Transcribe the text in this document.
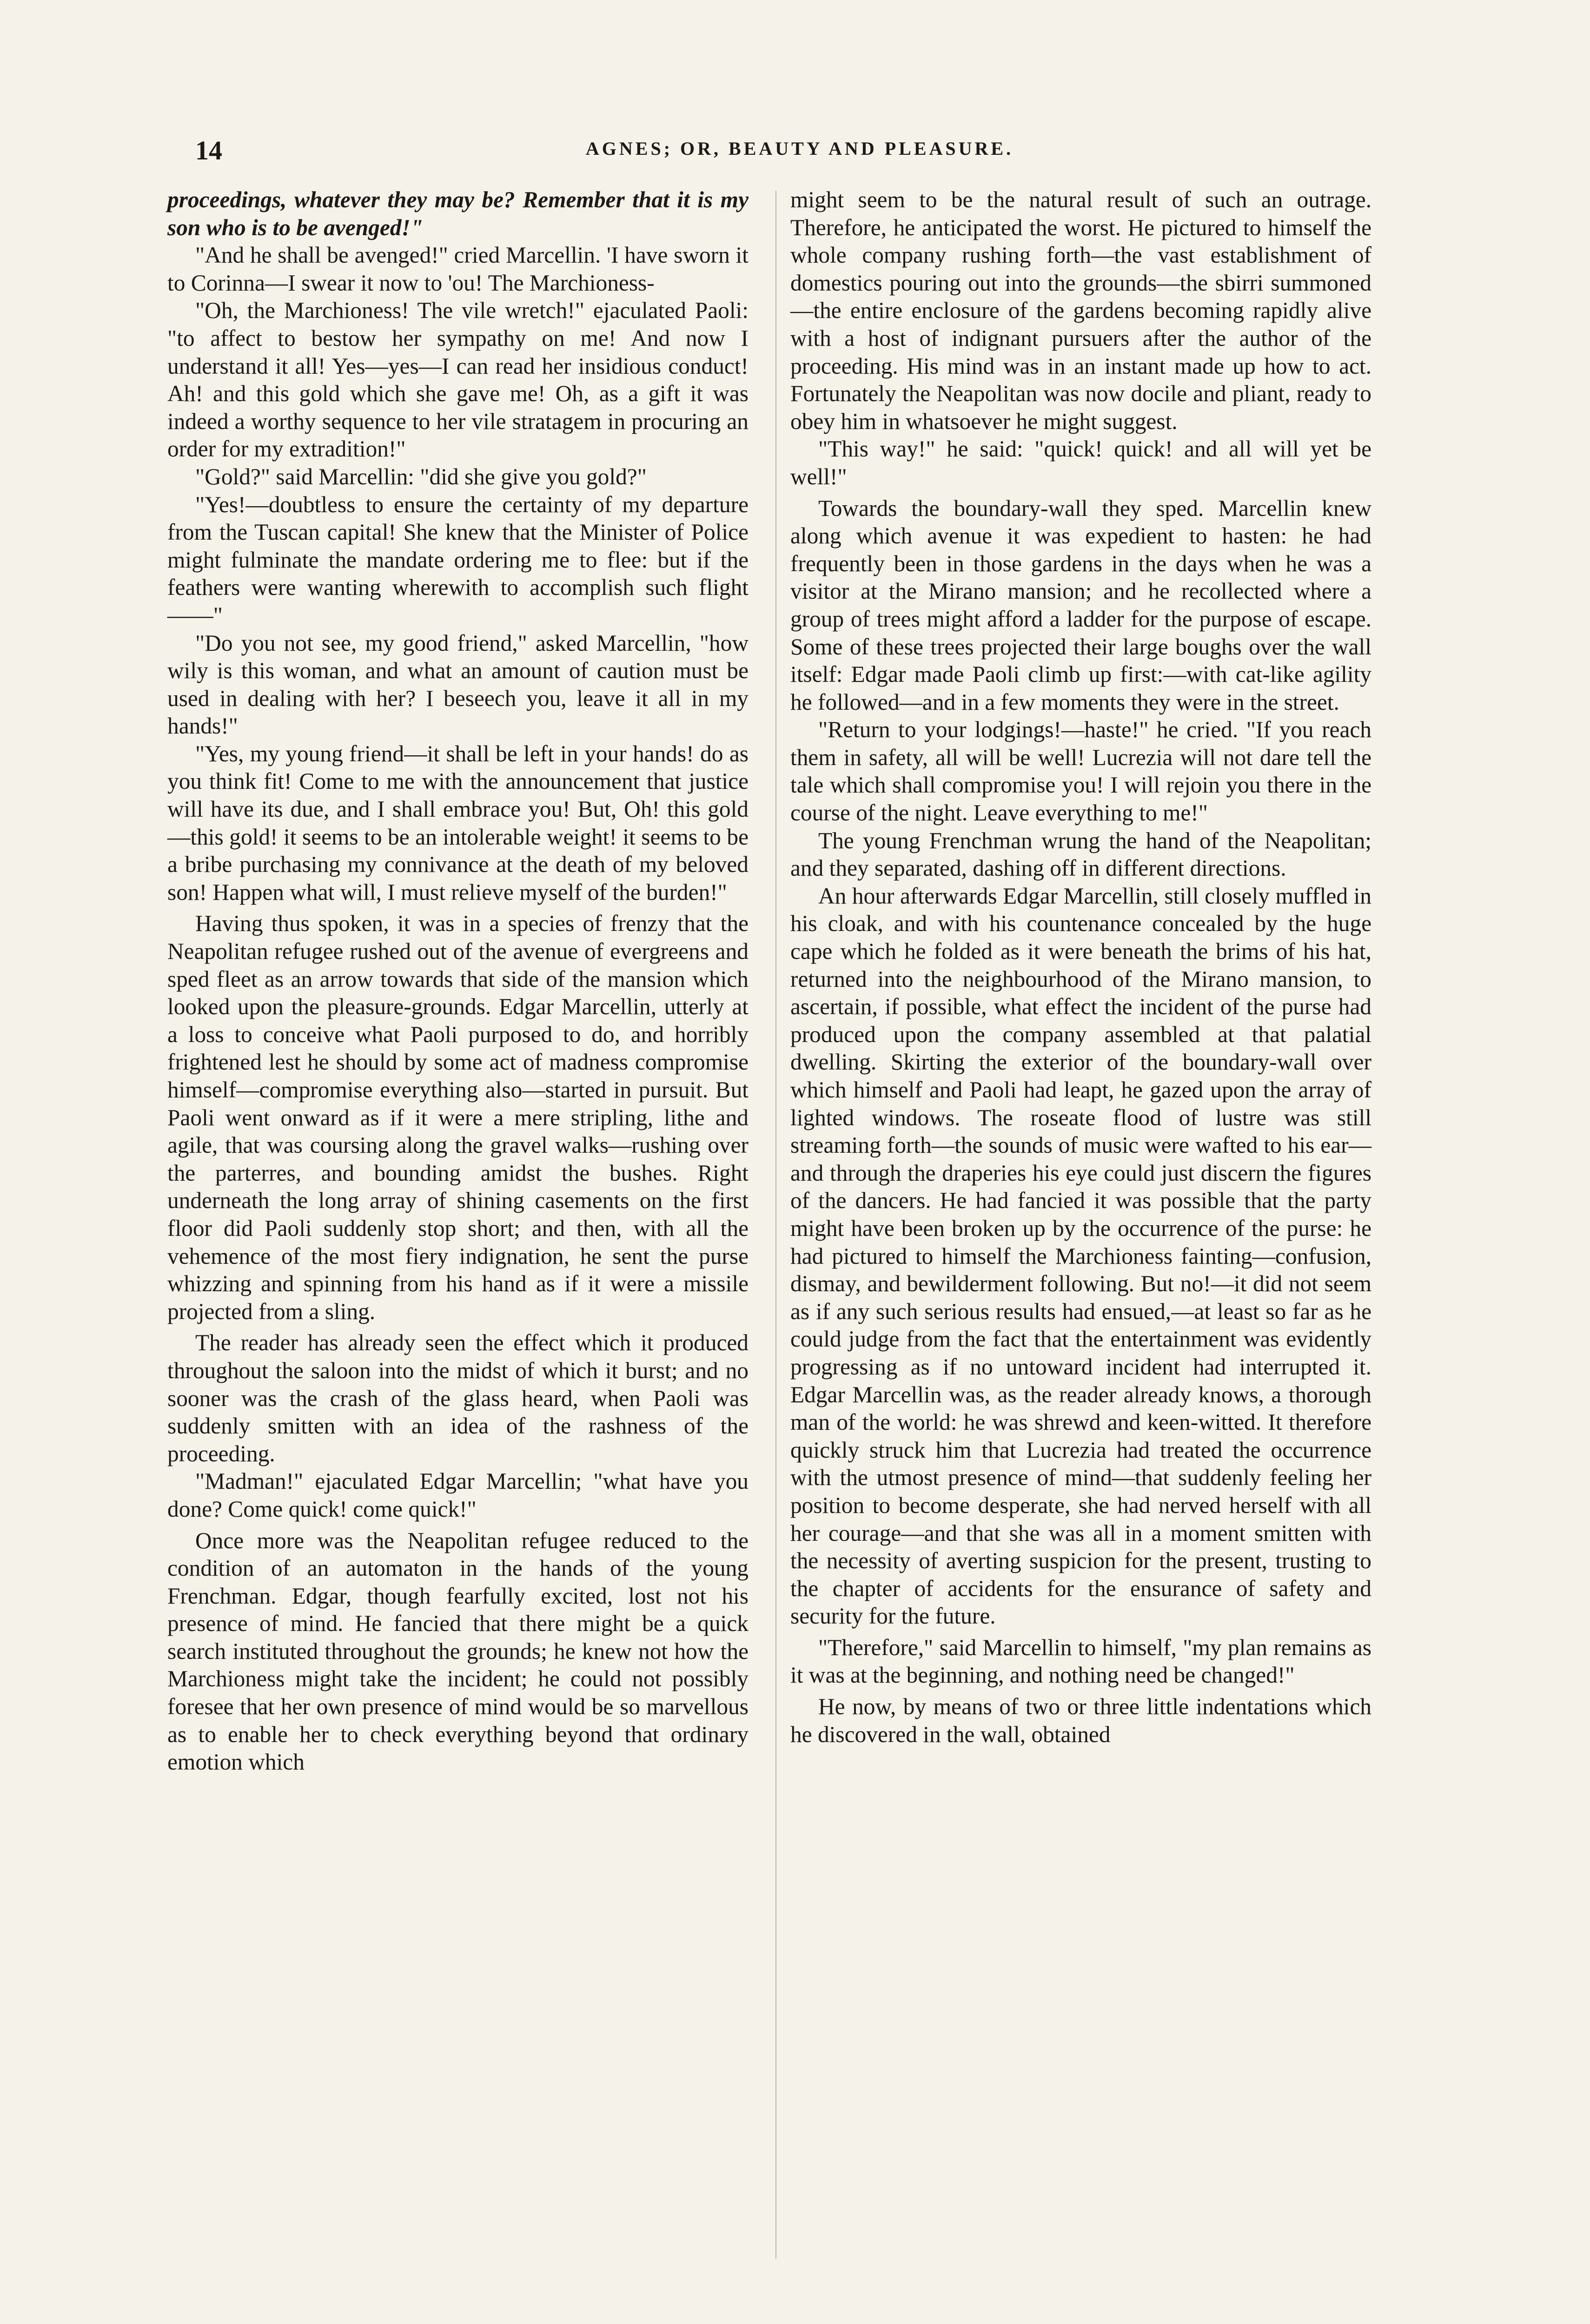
14	AGNES; OR, BEAUTY AND PLEASURE.

proceedings, whatever they may be? Remember that it is my son who is to be avenged!"

"And he shall be avenged!" cried Marcellin. 'I have sworn it to Corinna—I swear it now to 'ou! The Marchioness-

"Oh, the Marchioness! The vile wretch!" ejaculated Paoli: "to affect to bestow her sympathy on me! And now I understand it all! Yes—yes—I can read her insidious conduct! Ah! and this gold which she gave me! Oh, as a gift it was indeed a worthy sequence to her vile stratagem in procuring an order for my extradition!"

"Gold?" said Marcellin: "did she give you gold?"

"Yes!—doubtless to ensure the certainty of my departure from the Tuscan capital! She knew that the Minister of Police might fulminate the mandate ordering me to flee: but if the feathers were wanting wherewith to accomplish such flight——"

"Do you not see, my good friend," asked Marcellin, "how wily is this woman, and what an amount of caution must be used in dealing with her? I beseech you, leave it all in my hands!"

"Yes, my young friend—it shall be left in your hands! do as you think fit! Come to me with the announcement that justice will have its due, and I shall embrace you! But, Oh! this gold—this gold! it seems to be an intolerable weight! it seems to be a bribe purchasing my connivance at the death of my beloved son! Happen what will, I must relieve myself of the burden!"

Having thus spoken, it was in a species of frenzy that the Neapolitan refugee rushed out of the avenue of evergreens and sped fleet as an arrow towards that side of the mansion which looked upon the pleasure-grounds. Edgar Marcellin, utterly at a loss to conceive what Paoli purposed to do, and horribly frightened lest he should by some act of madness compromise himself—compromise everything also—started in pursuit. But Paoli went onward as if it were a mere stripling, lithe and agile, that was coursing along the gravel walks—rushing over the parterres, and bounding amidst the bushes. Right underneath the long array of shining casements on the first floor did Paoli suddenly stop short; and then, with all the vehemence of the most fiery indignation, he sent the purse whizzing and spinning from his hand as if it were a missile projected from a sling.

The reader has already seen the effect which it produced throughout the saloon into the midst of which it burst; and no sooner was the crash of the glass heard, when Paoli was suddenly smitten with an idea of the rashness of the proceeding.

"Madman!" ejaculated Edgar Marcellin; "what have you done? Come quick! come quick!"

Once more was the Neapolitan refugee reduced to the condition of an automaton in the hands of the young Frenchman. Edgar, though fearfully excited, lost not his presence of mind. He fancied that there might be a quick search instituted throughout the grounds; he knew not how the Marchioness might take the incident; he could not possibly foresee that her own presence of mind would be so marvellous as to enable her to check everything beyond that ordinary emotion which

might seem to be the natural result of such an outrage. Therefore, he anticipated the worst. He pictured to himself the whole company rushing forth—the vast establishment of domestics pouring out into the grounds—the sbirri summoned—the entire enclosure of the gardens becoming rapidly alive with a host of indignant pursuers after the author of the proceeding. His mind was in an instant made up how to act. Fortunately the Neapolitan was now docile and pliant, ready to obey him in whatsoever he might suggest.

"This way!" he said: "quick! quick! and all will yet be well!"

Towards the boundary-wall they sped. Marcellin knew along which avenue it was expedient to hasten: he had frequently been in those gardens in the days when he was a visitor at the Mirano mansion; and he recollected where a group of trees might afford a ladder for the purpose of escape. Some of these trees projected their large boughs over the wall itself: Edgar made Paoli climb up first:—with cat-like agility he followed—and in a few moments they were in the street.

"Return to your lodgings!—haste!" he cried. "If you reach them in safety, all will be well! Lucrezia will not dare tell the tale which shall compromise you! I will rejoin you there in the course of the night. Leave everything to me!"

The young Frenchman wrung the hand of the Neapolitan; and they separated, dashing off in different directions.

An hour afterwards Edgar Marcellin, still closely muffled in his cloak, and with his countenance concealed by the huge cape which he folded as it were beneath the brims of his hat, returned into the neighbourhood of the Mirano mansion, to ascertain, if possible, what effect the incident of the purse had produced upon the company assembled at that palatial dwelling. Skirting the exterior of the boundary-wall over which himself and Paoli had leapt, he gazed upon the array of lighted windows. The roseate flood of lustre was still streaming forth—the sounds of music were wafted to his ear—and through the draperies his eye could just discern the figures of the dancers. He had fancied it was possible that the party might have been broken up by the occurrence of the purse: he had pictured to himself the Marchioness fainting—confusion, dismay, and bewilderment following. But no!—it did not seem as if any such serious results had ensued,—at least so far as he could judge from the fact that the entertainment was evidently progressing as if no untoward incident had interrupted it. Edgar Marcellin was, as the reader already knows, a thorough man of the world: he was shrewd and keen-witted. It therefore quickly struck him that Lucrezia had treated the occurrence with the utmost presence of mind—that suddenly feeling her position to become desperate, she had nerved herself with all her courage—and that she was all in a moment smitten with the necessity of averting suspicion for the present, trusting to the chapter of accidents for the ensurance of safety and security for the future.

"Therefore," said Marcellin to himself, "my plan remains as it was at the beginning, and nothing need be changed!"

He now, by means of two or three little indentations which he discovered in the wall, obtained
